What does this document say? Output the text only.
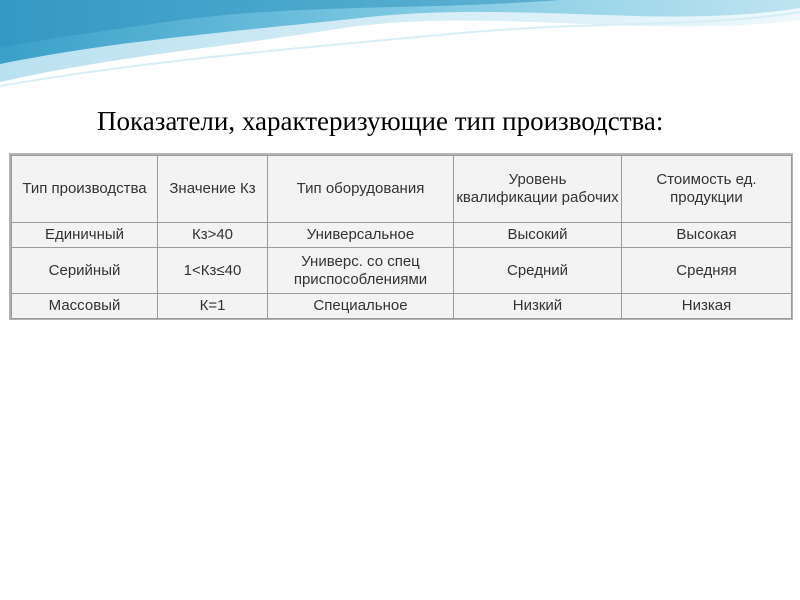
Показатели, характеризующие тип производства:
Тип производства	Значение Кз	Тип оборудования	Уровень квалификации рабочих	Стоимость ед. продукции
Единичный	Кз>40	Универсальное	Высокий	Высокая
Серийный	1<Кз≤40	Универс. со спец приспособлениями	Средний	Средняя
Массовый	К=1	Специальное	Низкий	Низкая
